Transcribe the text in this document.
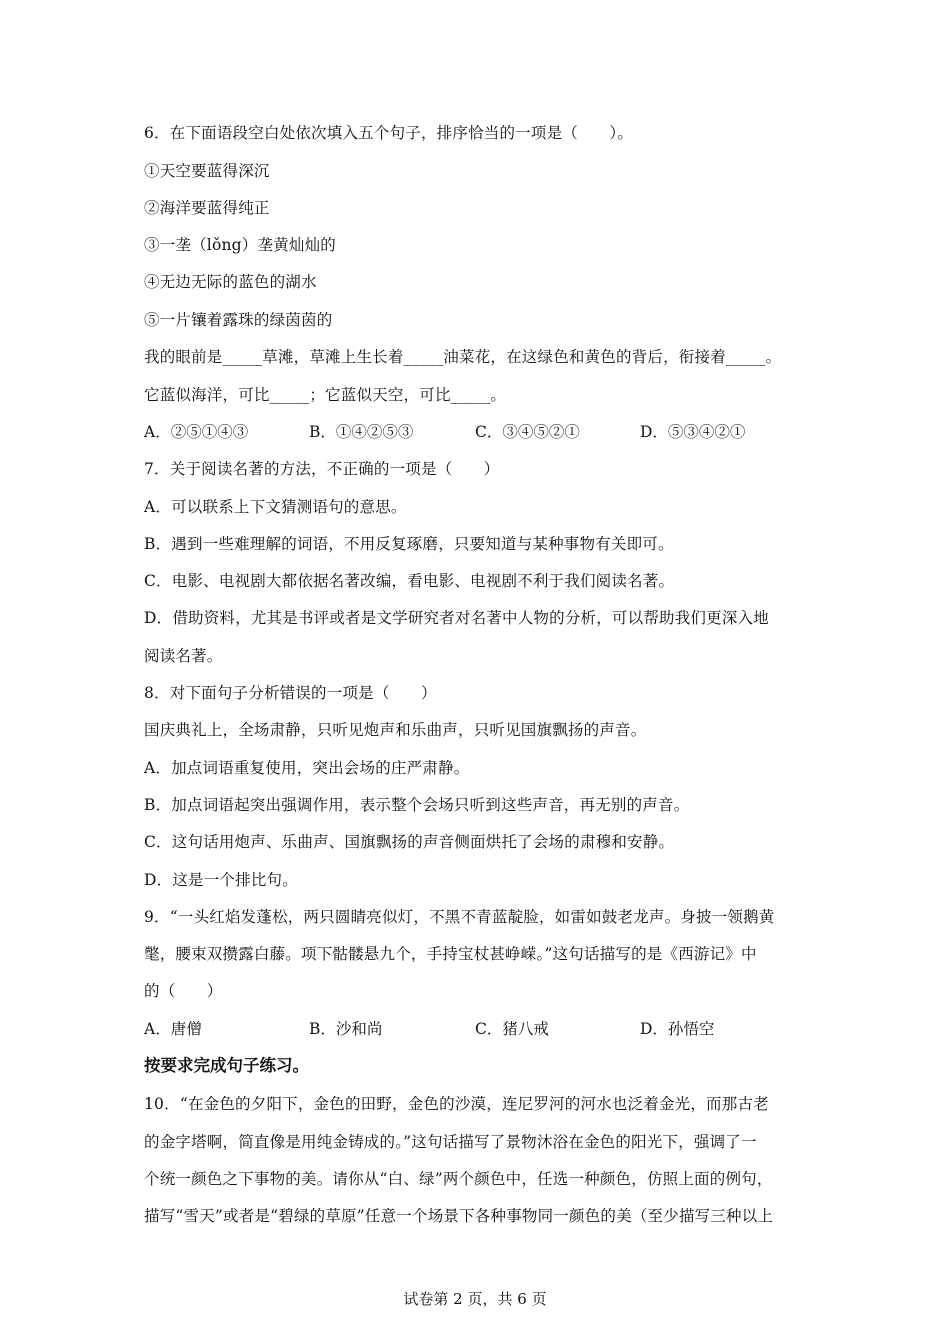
6．在下面语段空白处依次填入五个句子，排序恰当的一项是（　　）。
①天空要蓝得深沉
②海洋要蓝得纯正
③一垄（lǒng）垄黄灿灿的
④无边无际的蓝色的湖水
⑤一片镶着露珠的绿茵茵的
我的眼前是_____草滩，草滩上生长着_____油菜花，在这绿色和黄色的背后，衔接着_____。
它蓝似海洋，可比_____；它蓝似天空，可比_____。
A．②⑤①④③	B．①④②⑤③	C．③④⑤②①	D．⑤③④②①
7．关于阅读名著的方法，不正确的一项是（　　）
A．可以联系上下文猜测语句的意思。
B．遇到一些难理解的词语，不用反复琢磨，只要知道与某种事物有关即可。
C．电影、电视剧大都依据名著改编，看电影、电视剧不利于我们阅读名著。
D．借助资料，尤其是书评或者是文学研究者对名著中人物的分析，可以帮助我们更深入地
阅读名著。
8．对下面句子分析错误的一项是（　　）
国庆典礼上，全场肃静，只听见炮声和乐曲声，只听见国旗飘扬的声音。
A．加点词语重复使用，突出会场的庄严肃静。
B．加点词语起突出强调作用，表示整个会场只听到这些声音，再无别的声音。
C．这句话用炮声、乐曲声、国旗飘扬的声音侧面烘托了会场的肃穆和安静。
D．这是一个排比句。
9．“一头红焰发蓬松，两只圆睛亮似灯，不黑不青蓝靛脸，如雷如鼓老龙声。身披一领鹅黄
氅，腰束双攒露白藤。项下骷髅悬九个，手持宝杖甚峥嵘。”这句话描写的是《西游记》中
的（　　）
A．唐僧	B．沙和尚	C．猪八戒	D．孙悟空
按要求完成句子练习。
10．“在金色的夕阳下，金色的田野，金色的沙漠，连尼罗河的河水也泛着金光，而那古老
的金字塔啊，简直像是用纯金铸成的。”这句话描写了景物沐浴在金色的阳光下，强调了一
个统一颜色之下事物的美。请你从“白、绿”两个颜色中，任选一种颜色，仿照上面的例句，
描写“雪天”或者是“碧绿的草原”任意一个场景下各种事物同一颜色的美（至少描写三种以上
试卷第 2 页，共 6 页
